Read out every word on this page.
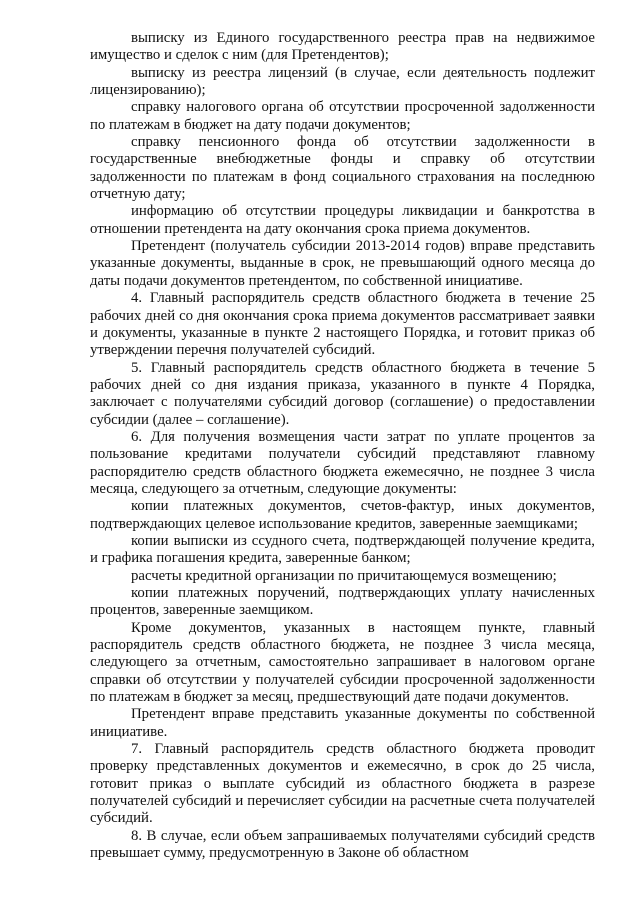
выписку из Единого государственного реестра прав на недвижимое имущество и сделок с ним (для Претендентов);

выписку из реестра лицензий (в случае, если деятельность подлежит лицензированию);

справку налогового органа об отсутствии просроченной задолженности по платежам в бюджет на дату подачи документов;

справку пенсионного фонда об отсутствии задолженности в государственные внебюджетные фонды и справку об отсутствии задолженности по платежам в фонд социального страхования на последнюю отчетную дату;

информацию об отсутствии процедуры ликвидации и банкротства в отношении претендента на дату окончания срока приема документов.

Претендент (получатель субсидии 2013-2014 годов) вправе представить указанные документы, выданные в срок, не превышающий одного месяца до даты подачи документов претендентом, по собственной инициативе.

4. Главный распорядитель средств областного бюджета в течение 25 рабочих дней со дня окончания срока приема документов рассматривает заявки и документы, указанные в пункте 2 настоящего Порядка, и готовит приказ об утверждении перечня получателей субсидий.

5. Главный распорядитель средств областного бюджета в течение 5 рабочих дней со дня издания приказа, указанного в пункте 4 Порядка, заключает с получателями субсидий договор (соглашение) о предоставлении субсидии (далее – соглашение).

6. Для получения возмещения части затрат по уплате процентов за пользование кредитами получатели субсидий представляют главному распорядителю средств областного бюджета ежемесячно, не позднее 3 числа месяца, следующего за отчетным, следующие документы:

копии платежных документов, счетов-фактур, иных документов, подтверждающих целевое использование кредитов, заверенные заемщиками;

копии выписки из ссудного счета, подтверждающей получение кредита, и графика погашения кредита, заверенные банком;

расчеты кредитной организации по причитающемуся возмещению;

копии платежных поручений, подтверждающих уплату начисленных процентов, заверенные заемщиком.

Кроме документов, указанных в настоящем пункте, главный распорядитель средств областного бюджета, не позднее 3 числа месяца, следующего за отчетным, самостоятельно запрашивает в налоговом органе справки об отсутствии у получателей субсидии просроченной задолженности по платежам в бюджет за месяц, предшествующий дате подачи документов.

Претендент вправе представить указанные документы по собственной инициативе.

7. Главный распорядитель средств областного бюджета проводит проверку представленных документов и ежемесячно, в срок до 25 числа, готовит приказ о выплате субсидий из областного бюджета в разрезе получателей субсидий и перечисляет субсидии на расчетные счета получателей субсидий.

8. В случае, если объем запрашиваемых получателями субсидий средств превышает сумму, предусмотренную в Законе об областном
